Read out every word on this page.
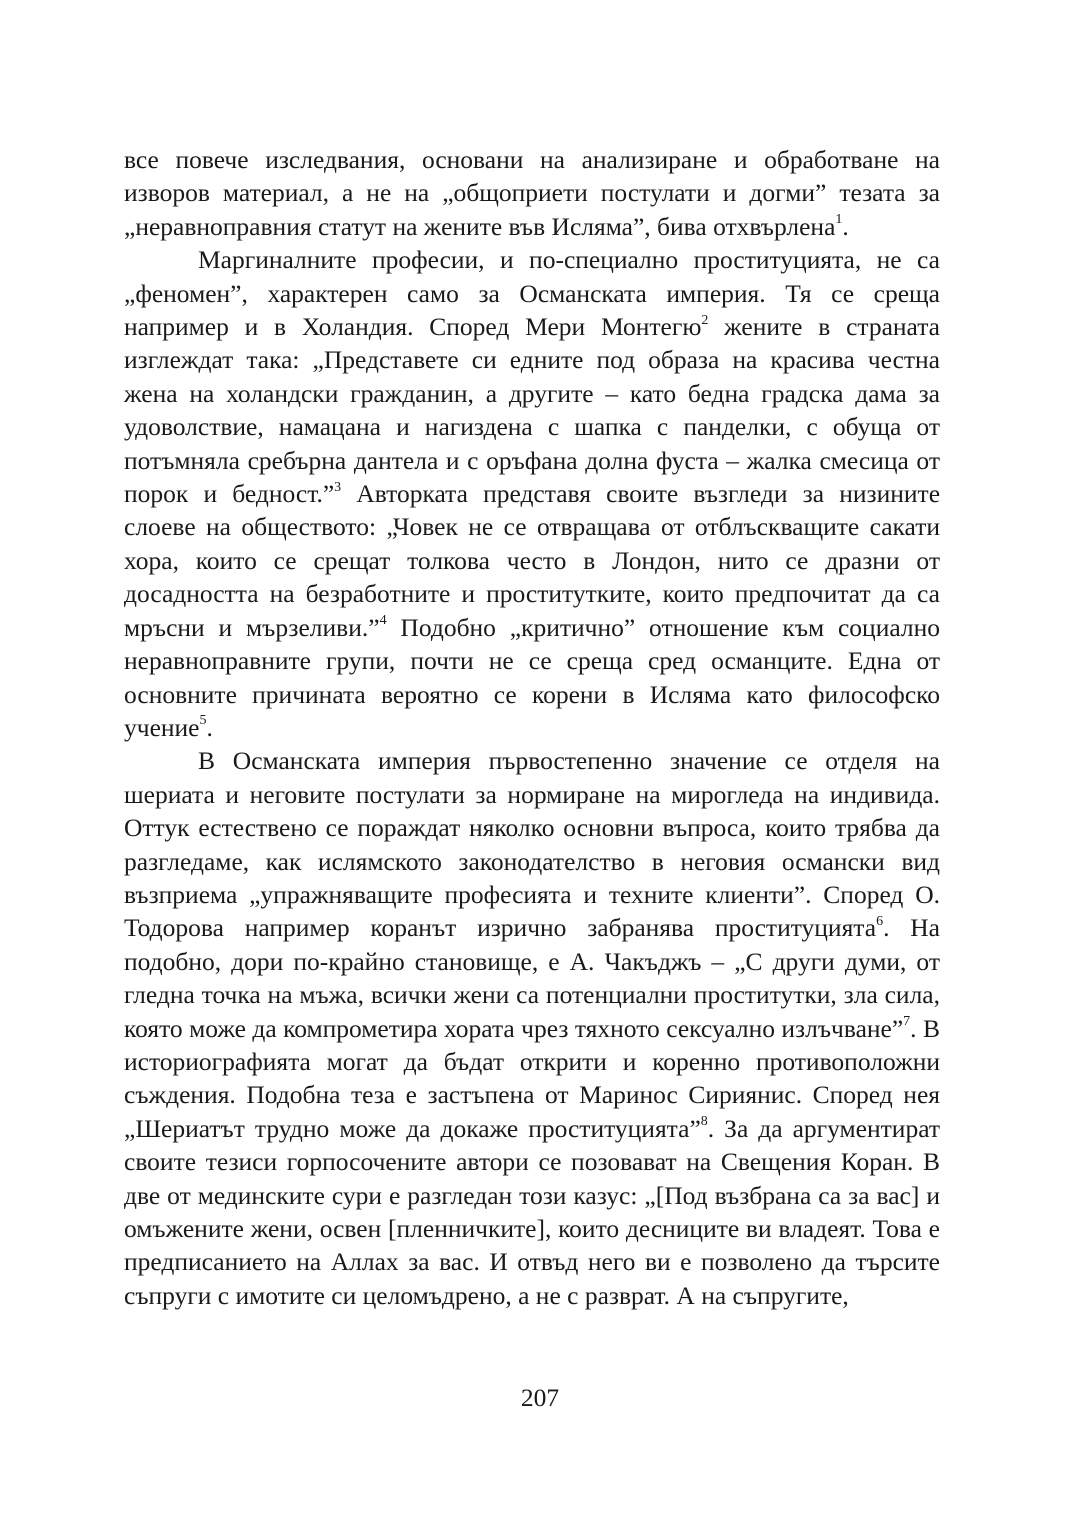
все повече изследвания, основани на анализиране и обработване на изворов материал, а не на „общоприети постулати и догми” тезата за „неравноправния статут на жените във Исляма”, бива отхвърлена$^1$.

Маргиналните професии, и по-специално проституцията, не са „феномен”, характерен само за Османската империя. Тя се среща например и в Холандия. Според Мери Монтегю$^2$ жените в страната изглеждат така: „Представете си едните под образа на красива честна жена на холандски гражданин, а другите – като бедна градска дама за удоволствие, намацана и нагиздена с шапка с панделки, с обуща от потъмняла сребърна дантела и с оръфана долна фуста – жалка смесица от порок и бедност.”$^3$ Авторката представя своите възгледи за низините слоеве на обществото: „Човек не се отвращава от отблъскващите сакати хора, които се срещат толкова често в Лондон, нито се дразни от досадността на безработните и проститутките, които предпочитат да са мръсни и мързеливи.”$^4$ Подобно „критично” отношение към социално неравноправните групи, почти не се среща сред османците. Една от основните причината вероятно се корени в Исляма като философско учение$^5$.

В Османската империя първостепенно значение се отделя на шериата и неговите постулати за нормиране на мирогледа на индивида. Оттук естествено се пораждат няколко основни въпроса, които трябва да разгледаме, как ислямското законодателство в неговия османски вид възприема „упражняващите професията и техните клиенти”. Според О. Тодорова например коранът изрично забранява проституцията$^6$. На подобно, дори по-крайно становище, е А. Чакъджъ – „С други думи, от гледна точка на мъжа, всички жени са потенциални проститутки, зла сила, която може да компрометира хората чрез тяхното сексуално излъчване”$^7$. В историографията могат да бъдат открити и коренно противоположни съждения. Подобна теза е застъпена от Маринос Сириянис. Според нея „Шериатът трудно може да докаже проституцията”$^8$. За да аргументират своите тезиси горпосочените автори се позовават на Свещения Коран. В две от мединските сури е разгледан този казус: „[Под възбрана са за вас] и омъжените жени, освен [пленничките], които десниците ви владеят. Това е предписанието на Аллах за вас. И отвъд него ви е позволено да търсите съпруги с имотите си целомъдрено, а не с разврат. А на съпругите,

207
